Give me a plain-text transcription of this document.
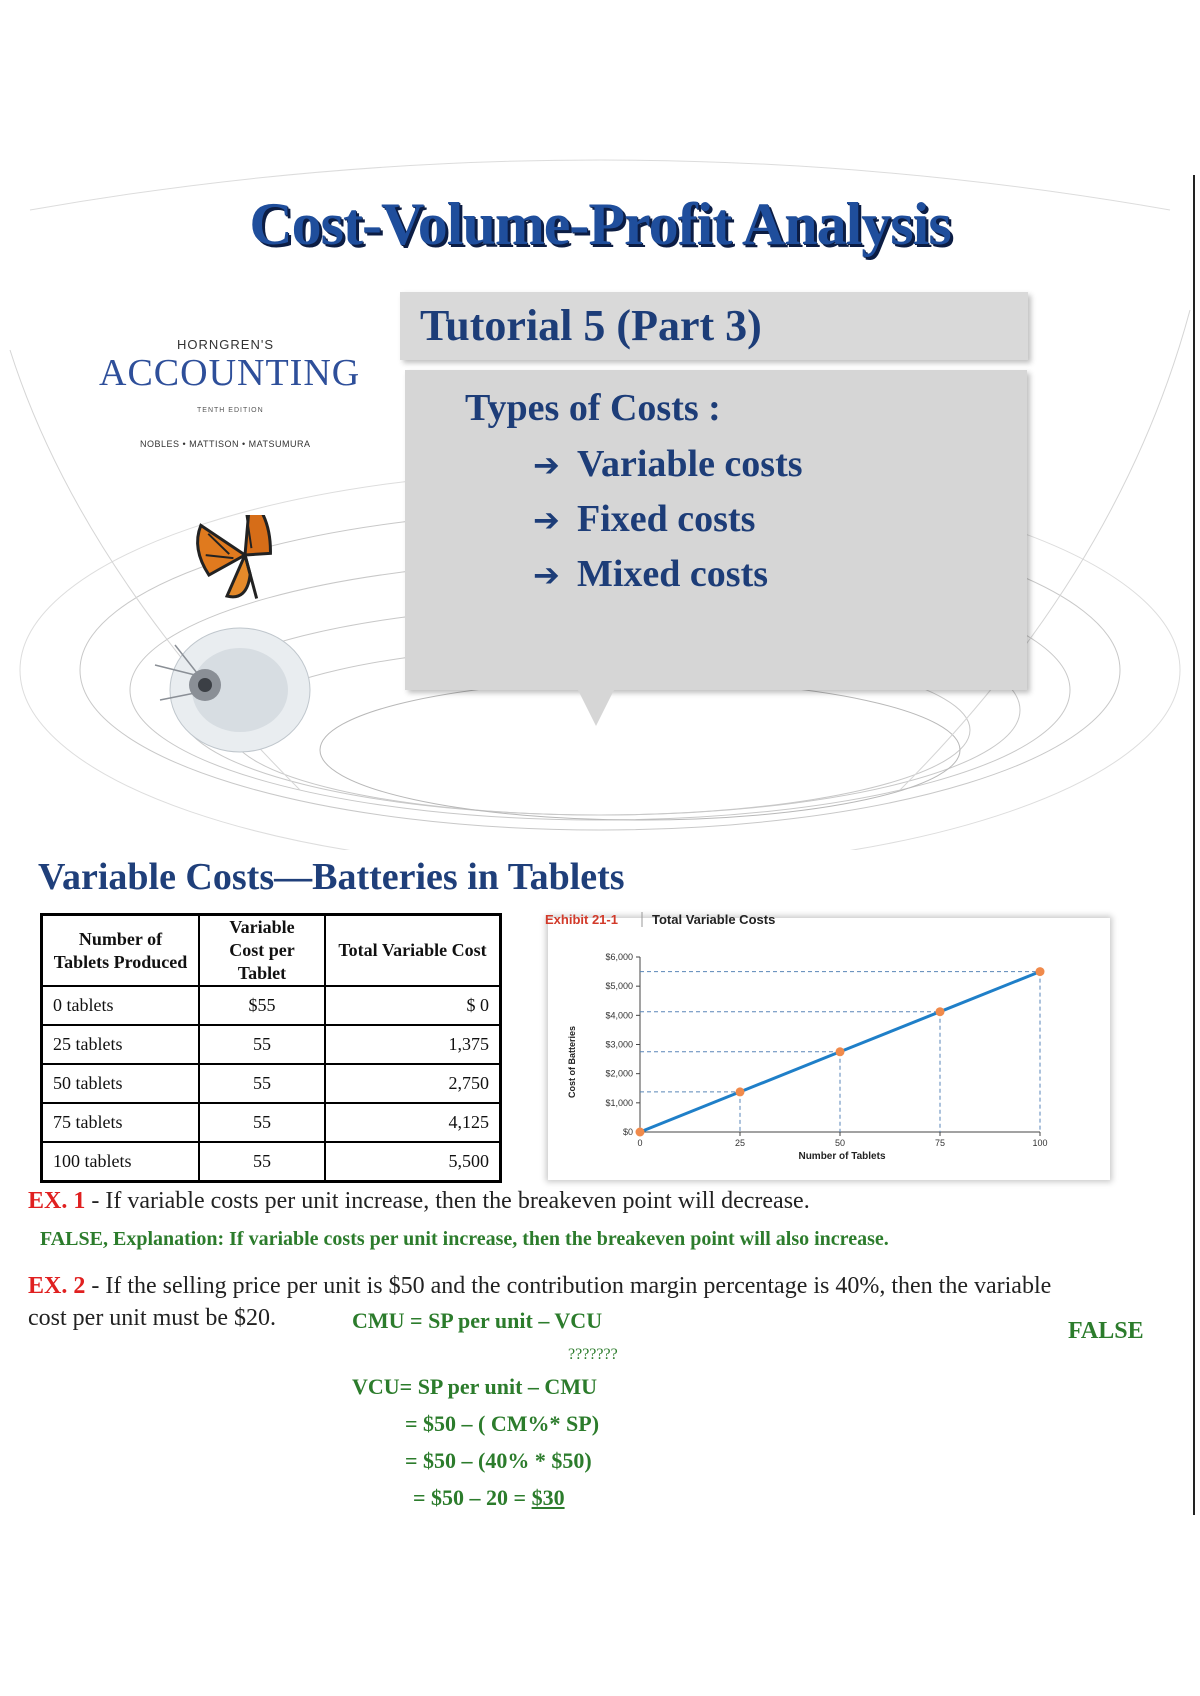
Cost-Volume-Profit Analysis
HORNGREN'S
ACCOUNTING
TENTH EDITION
NOBLES • MATTISON • MATSUMURA
Tutorial 5 (Part 3)
Types of Costs :
➔ Variable costs
➔ Fixed costs
➔ Mixed costs
Variable Costs—Batteries in Tablets
Number of Tablets Produced	Variable Cost per Tablet	Total Variable Cost
0 tablets	$55	$ 0
25 tablets	55	1,375
50 tablets	55	2,750
75 tablets	55	4,125
100 tablets	55	5,500
Exhibit 21-1	Total Variable Costs
Cost of Batteries
Number of Tablets
$0
$1,000
$2,000
$3,000
$4,000
$5,000
$6,000
0	25	50	75	100
EX. 1 - If variable costs per unit increase, then the breakeven point will decrease.
FALSE, Explanation: If variable costs per unit increase, then the breakeven point will also increase.
EX. 2 - If the selling price per unit is $50 and the contribution margin percentage is 40%, then the variable
cost per unit must be $20.	FALSE
CMU = SP per unit – VCU
???????
VCU= SP per unit – CMU
= $50 – ( CM%* SP)
= $50 – (40% * $50)
= $50 – 20 = $30
